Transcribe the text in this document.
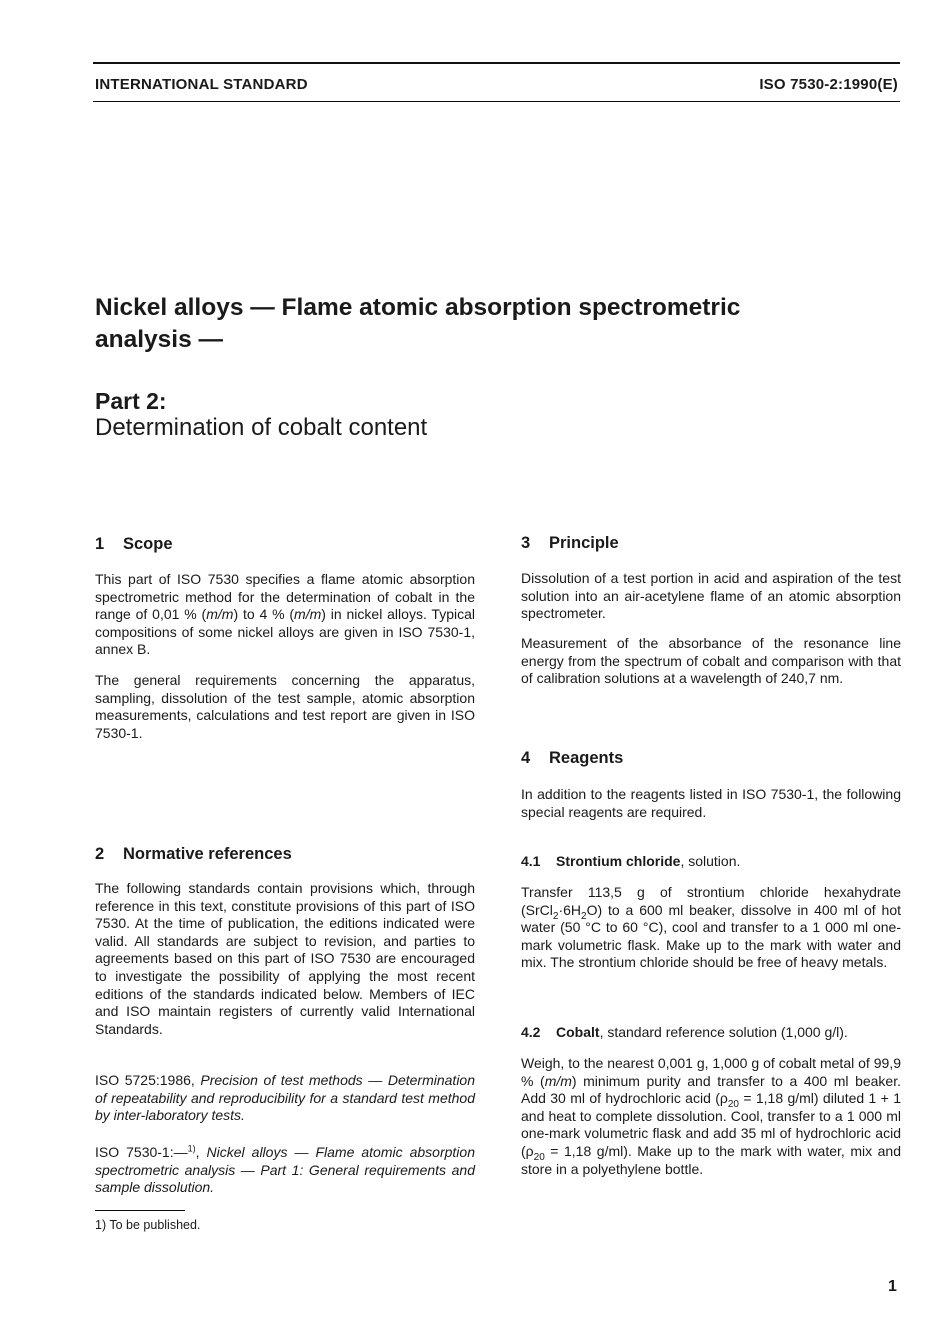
INTERNATIONAL STANDARD	ISO 7530-2:1990(E)
Nickel alloys — Flame atomic absorption spectrometric
analysis —
Part 2:
Determination of cobalt content
1 Scope

This part of ISO 7530 specifies a flame atomic absorption spectrometric method for the determination of cobalt in the range of 0,01 % (m/m) to 4 % (m/m) in nickel alloys. Typical compositions of some nickel alloys are given in ISO 7530-1, annex B.

The general requirements concerning the apparatus, sampling, dissolution of the test sample, atomic absorption measurements, calculations and test report are given in ISO 7530-1.

2 Normative references

The following standards contain provisions which, through reference in this text, constitute provisions of this part of ISO 7530. At the time of publication, the editions indicated were valid. All standards are subject to revision, and parties to agreements based on this part of ISO 7530 are encouraged to investigate the possibility of applying the most recent editions of the standards indicated below. Members of IEC and ISO maintain registers of currently valid International Standards.

ISO 5725:1986, Precision of test methods — Determination of repeatability and reproducibility for a standard test method by inter-laboratory tests.

ISO 7530-1:—$^{1)}$, Nickel alloys — Flame atomic absorption spectrometric analysis — Part 1: General requirements and sample dissolution.

1) To be published.
3 Principle

Dissolution of a test portion in acid and aspiration of the test solution into an air-acetylene flame of an atomic absorption spectrometer.

Measurement of the absorbance of the resonance line energy from the spectrum of cobalt and comparison with that of calibration solutions at a wavelength of 240,7 nm.

4 Reagents

In addition to the reagents listed in ISO 7530-1, the following special reagents are required.

4.1 Strontium chloride, solution.

Transfer 113,5 g of strontium chloride hexahydrate $(SrCl_2\cdot 6H_2O)$ to a 600 ml beaker, dissolve in 400 ml of hot water (50 °C to 60 °C), cool and transfer to a 1 000 ml one-mark volumetric flask. Make up to the mark with water and mix. The strontium chloride should be free of heavy metals.

4.2 Cobalt, standard reference solution (1,000 g/l).

Weigh, to the nearest 0,001 g, 1,000 g of cobalt metal of 99,9 % (m/m) minimum purity and transfer to a 400 ml beaker. Add 30 ml of hydrochloric acid ($\rho_{20} = 1,18$ g/ml) diluted 1 + 1 and heat to complete dissolution. Cool, transfer to a 1 000 ml one-mark volumetric flask and add 35 ml of hydrochloric acid ($\rho_{20} = 1,18$ g/ml). Make up to the mark with water, mix and store in a polyethylene bottle.

1
